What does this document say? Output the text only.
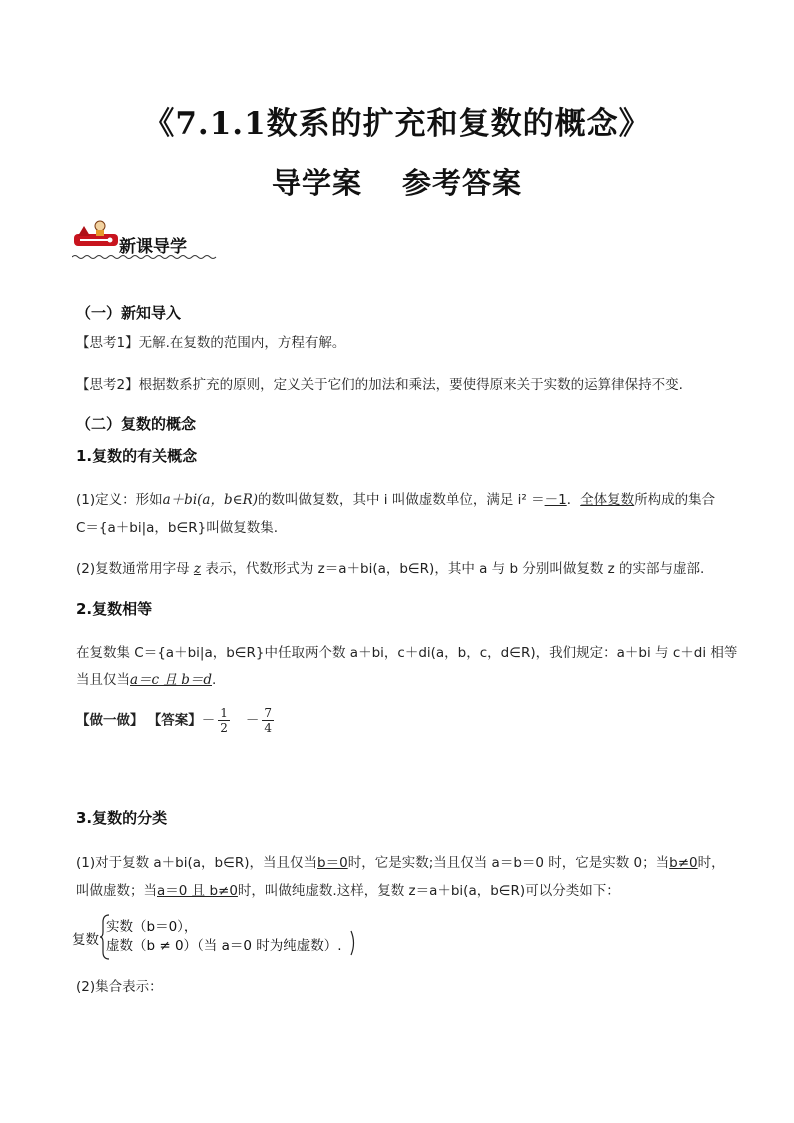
《7.1.1数系的扩充和复数的概念》
导学案 参考答案
新课导学
（一）新知导入
【思考1】无解.在复数的范围内，方程有解。
【思考2】根据数系扩充的原则，定义关于它们的加法和乘法，要使得原来关于实数的运算律保持不变.
（二）复数的概念
1.复数的有关概念
(1)定义：形如a＋bi(a，b∈R)的数叫做复数，其中 i 叫做虚数单位，满足 i² ＝－1．全体复数所构成的集合
C＝{a＋bi|a，b∈R}叫做复数集.
(2)复数通常用字母 z 表示，代数形式为 z＝a＋bi(a，b∈R)，其中 a 与 b 分别叫做复数 z 的实部与虚部.
2.复数相等
在复数集 C＝{a＋bi|a，b∈R}中任取两个数 a＋bi，c＋di(a，b，c，d∈R)，我们规定：a＋bi 与 c＋di 相等
当且仅当a＝c 且 b＝d.
【做一做】 【答案】－ $\frac{1}{2} - \frac{7}{4}$
3.复数的分类
(1)对于复数 a＋bi(a，b∈R)，当且仅当b＝0时，它是实数;当且仅当 a＝b＝0 时，它是实数 0；当b≠0时，
叫做虚数；当a＝0 且 b≠0时，叫做纯虚数.这样，复数 z＝a＋bi(a，b∈R)可以分类如下：
复数
实数（b＝0），
虚数（b ≠ 0）（当 a＝0 时为纯虚数）.
(2)集合表示：
